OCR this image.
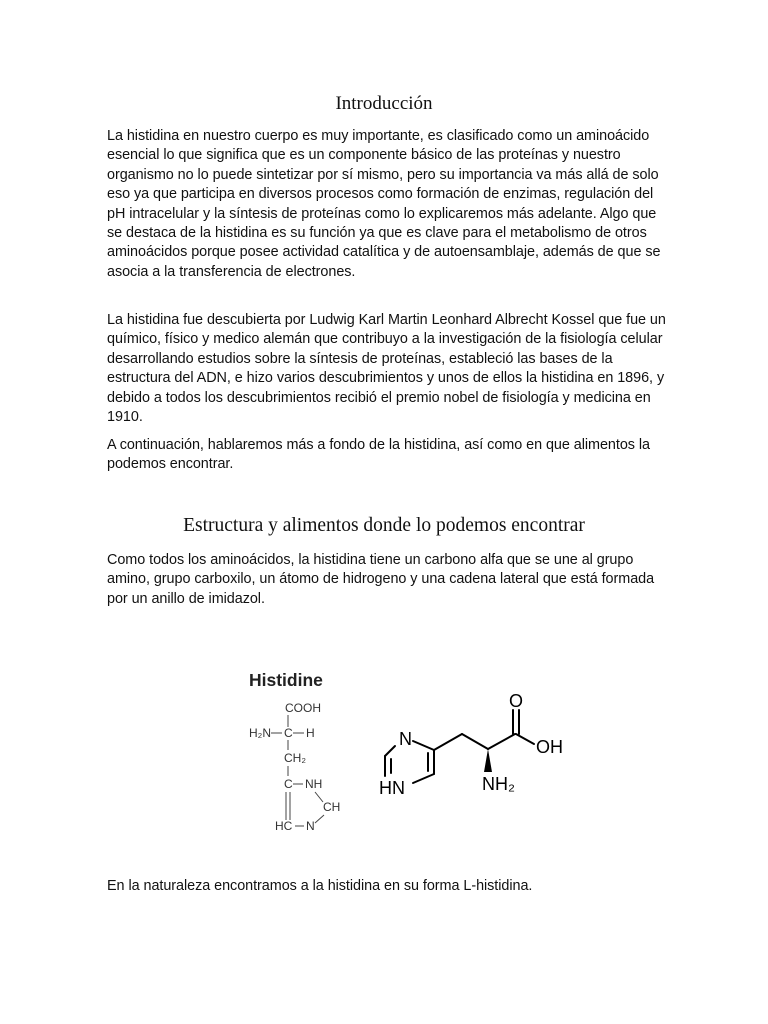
Introducción

La histidina en nuestro cuerpo es muy importante, es clasificado como un aminoácido esencial lo que significa que es un componente básico de las proteínas y nuestro organismo no lo puede sintetizar por sí mismo, pero su importancia va más allá de solo eso ya que participa en diversos procesos como formación de enzimas, regulación del pH intracelular y la síntesis de proteínas como lo explicaremos más adelante. Algo que se destaca de la histidina es su función ya que es clave para el metabolismo de otros aminoácidos porque posee actividad catalítica y de autoensamblaje, además de que se asocia a la transferencia de electrones.

La histidina fue descubierta por Ludwig Karl Martin Leonhard Albrecht Kossel que fue un químico, físico y medico alemán que contribuyo a la investigación de la fisiología celular desarrollando estudios sobre la síntesis de proteínas, estableció las bases de la estructura del ADN, e hizo varios descubrimientos y unos de ellos la histidina en 1896, y debido a todos los descubrimientos recibió el premio nobel de fisiología y medicina en 1910.

A continuación, hablaremos más a fondo de la histidina, así como en que alimentos la podemos encontrar.

Estructura y alimentos donde lo podemos encontrar

Como todos los aminoácidos, la histidina tiene un carbono alfa que se une al grupo amino, grupo carboxilo, un átomo de hidrogeno y una cadena lateral que está formada por un anillo de imidazol.

Histidine
COOH
H₂N C H
CH₂
C NH
CH
HC N
N
HN
O
OH
NH₂

En la naturaleza encontramos a la histidina en su forma L-histidina.
